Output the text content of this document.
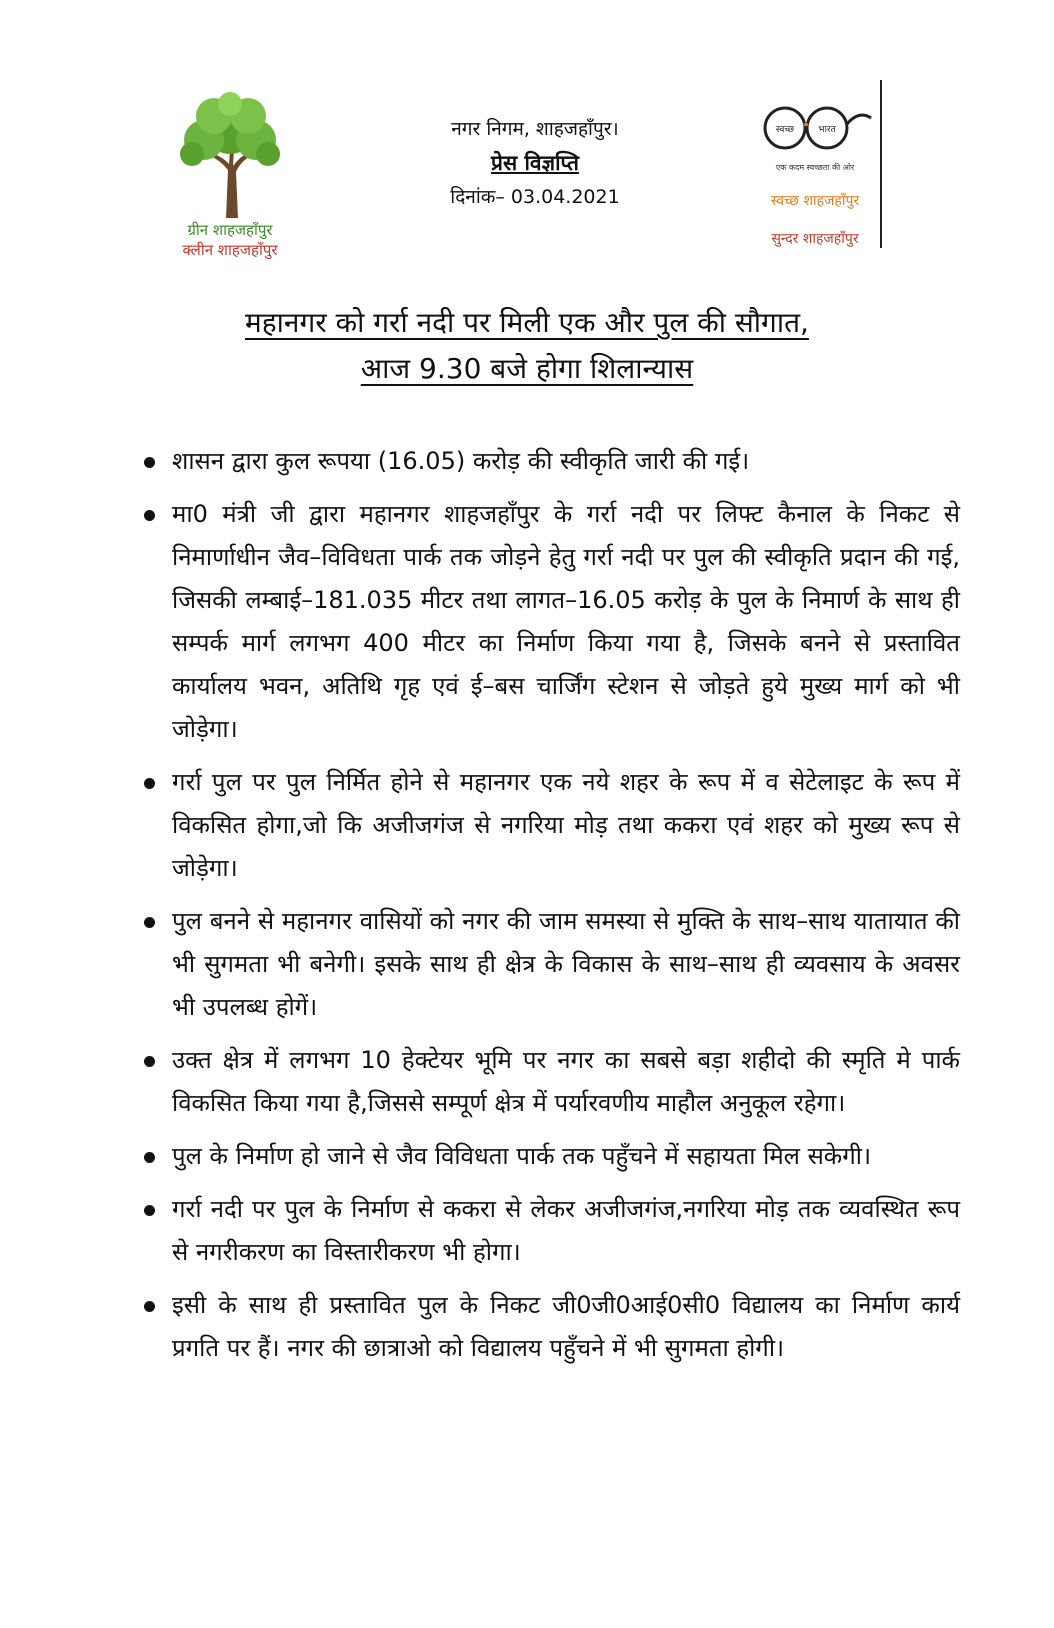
ग्रीन शाहजहाँपुर
क्लीन शाहजहाँपुर
नगर निगम, शाहजहाँपुर।
प्रेस विज्ञप्ति
दिनांक– 03.04.2021
स्वच्छ	भारत
एक कदम स्वच्छता की ओर
स्वच्छ शाहजहाँपुर
सुन्दर शाहजहाँपुर
महानगर को गर्रा नदी पर मिली एक और पुल की सौगात,
आज 9.30 बजे होगा शिलान्यास
शासन द्वारा कुल रूपया (16.05) करोड़ की स्वीकृति जारी की गई।
मा0 मंत्री जी द्वारा महानगर शाहजहाँपुर के गर्रा नदी पर लिफ्ट कैनाल के निकट से निमार्णाधीन जैव–विविधता पार्क तक जोड़ने हेतु गर्रा नदी पर पुल की स्वीकृति प्रदान की गई, जिसकी लम्बाई–181.035 मीटर तथा लागत–16.05 करोड़ के पुल के निमार्ण के साथ ही सम्पर्क मार्ग लगभग 400 मीटर का निर्माण किया गया है, जिसके बनने से प्रस्तावित कार्यालय भवन, अतिथि गृह एवं ई–बस चार्जिंग स्टेशन से जोड़ते हुये मुख्य मार्ग को भी जोड़ेगा।
गर्रा पुल पर पुल निर्मित होने से महानगर एक नये शहर के रूप में व सेटेलाइट के रूप में विकसित होगा,जो कि अजीजगंज से नगरिया मोड़ तथा ककरा एवं शहर को मुख्य रूप से जोड़ेगा।
पुल बनने से महानगर वासियों को नगर की जाम समस्या से मुक्ति के साथ–साथ यातायात की भी सुगमता भी बनेगी। इसके साथ ही क्षेत्र के विकास के साथ–साथ ही व्यवसाय के अवसर भी उपलब्ध होगें।
उक्त क्षेत्र में लगभग 10 हेक्टेयर भूमि पर नगर का सबसे बड़ा शहीदो की स्मृति मे पार्क विकसित किया गया है,जिससे सम्पूर्ण क्षेत्र में पर्यारवणीय माहौल अनुकूल रहेगा।
पुल के निर्माण हो जाने से जैव विविधता पार्क तक पहुँचने में सहायता मिल सकेगी।
गर्रा नदी पर पुल के निर्माण से ककरा से लेकर अजीजगंज,नगरिया मोड़ तक व्यवस्थित रूप से नगरीकरण का विस्तारीकरण भी होगा।
इसी के साथ ही प्रस्तावित पुल के निकट जी0जी0आई0सी0 विद्यालय का निर्माण कार्य प्रगति पर हैं। नगर की छात्राओ को विद्यालय पहुँचने में भी सुगमता होगी।
